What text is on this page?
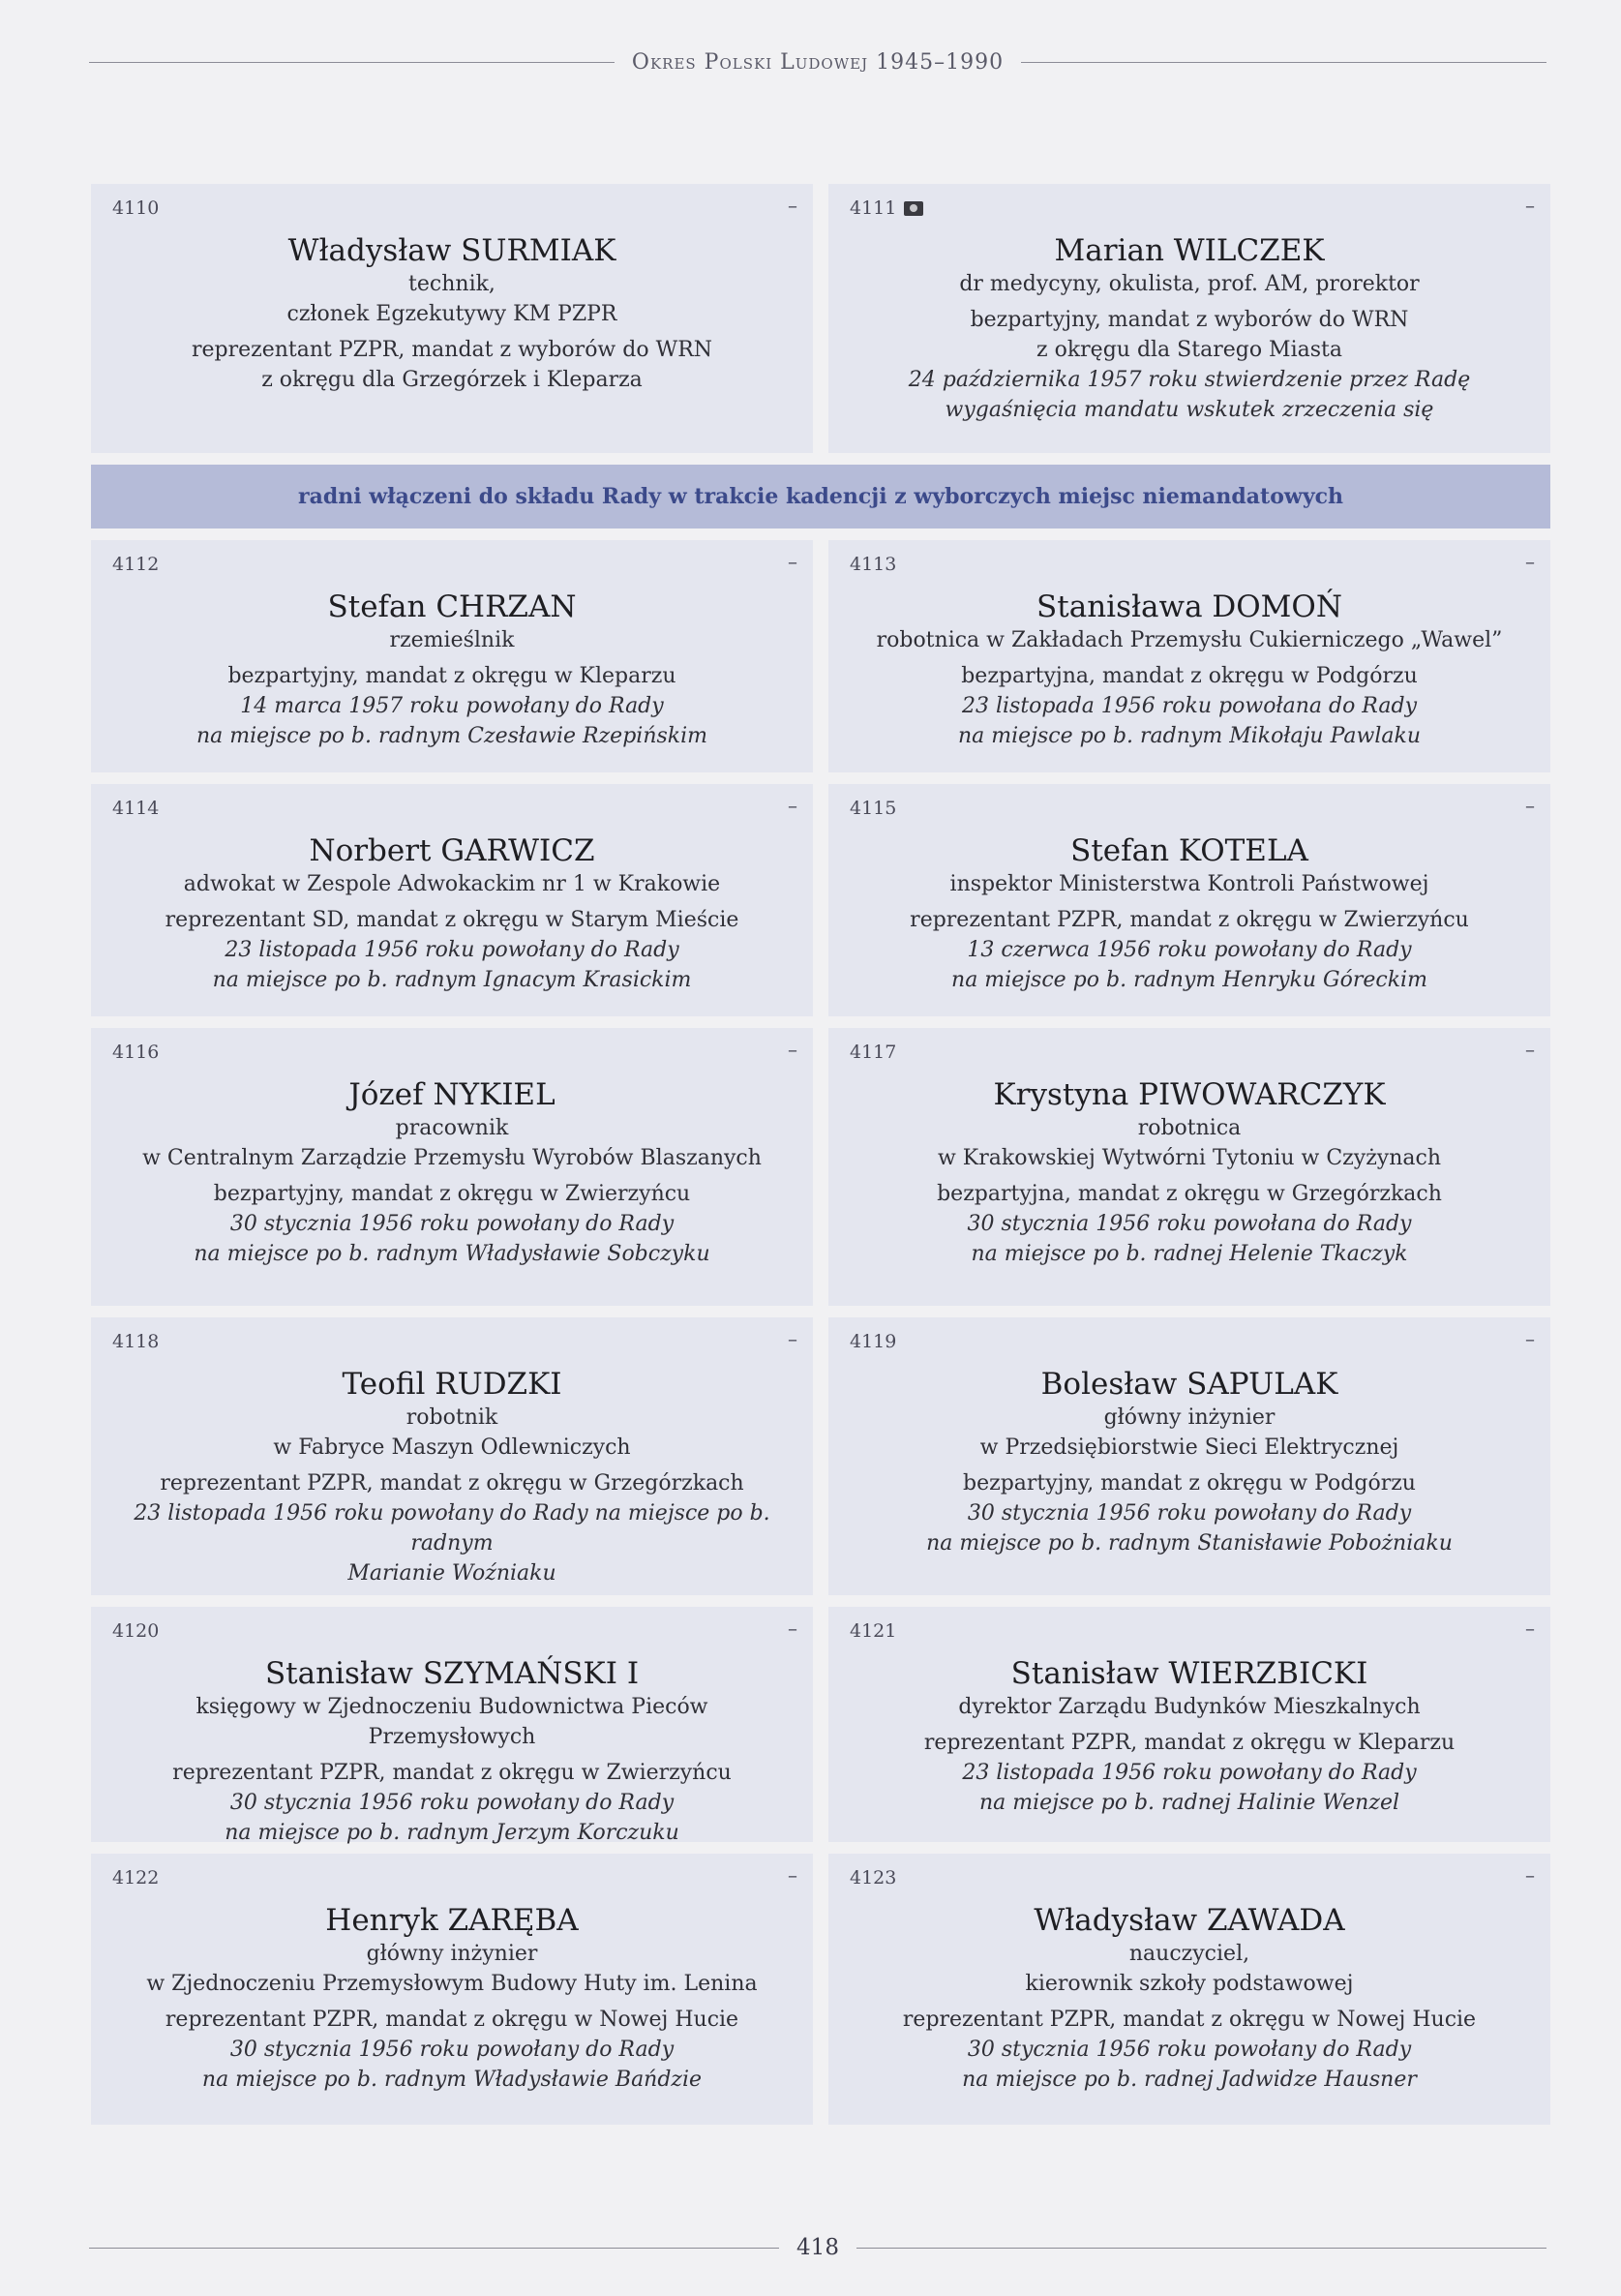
Okres Polski Ludowej 1945–1990
4110	–
Władysław SURMIAK
technik,
członek Egzekutywy KM PZPR
reprezentant PZPR, mandat z wyborów do WRN
z okręgu dla Grzegórzek i Kleparza
4111	–
Marian WILCZEK
dr medycyny, okulista, prof. AM, prorektor
bezpartyjny, mandat z wyborów do WRN
z okręgu dla Starego Miasta
24 października 1957 roku stwierdzenie przez Radę
wygaśnięcia mandatu wskutek zrzeczenia się
4112	–
Stefan CHRZAN
rzemieślnik
bezpartyjny, mandat z okręgu w Kleparzu
14 marca 1957 roku powołany do Rady
na miejsce po b. radnym Czesławie Rzepińskim
4113	–
Stanisława DOMOŃ
robotnica w Zakładach Przemysłu Cukierniczego „Wawel”
bezpartyjna, mandat z okręgu w Podgórzu
23 listopada 1956 roku powołana do Rady
na miejsce po b. radnym Mikołaju Pawlaku
4114	–
Norbert GARWICZ
adwokat w Zespole Adwokackim nr 1 w Krakowie
reprezentant SD, mandat z okręgu w Starym Mieście
23 listopada 1956 roku powołany do Rady
na miejsce po b. radnym Ignacym Krasickim
4115	–
Stefan KOTELA
inspektor Ministerstwa Kontroli Państwowej
reprezentant PZPR, mandat z okręgu w Zwierzyńcu
13 czerwca 1956 roku powołany do Rady
na miejsce po b. radnym Henryku Góreckim
4116	–
Józef NYKIEL
pracownik
w Centralnym Zarządzie Przemysłu Wyrobów Blaszanych
bezpartyjny, mandat z okręgu w Zwierzyńcu
30 stycznia 1956 roku powołany do Rady
na miejsce po b. radnym Władysławie Sobczyku
4117	–
Krystyna PIWOWARCZYK
robotnica
w Krakowskiej Wytwórni Tytoniu w Czyżynach
bezpartyjna, mandat z okręgu w Grzegórzkach
30 stycznia 1956 roku powołana do Rady
na miejsce po b. radnej Helenie Tkaczyk
4118	–
Teofil RUDZKI
robotnik
w Fabryce Maszyn Odlewniczych
reprezentant PZPR, mandat z okręgu w Grzegórzkach
23 listopada 1956 roku powołany do Rady na miejsce po b. radnym
Marianie Woźniaku
4119	–
Bolesław SAPULAK
główny inżynier
w Przedsiębiorstwie Sieci Elektrycznej
bezpartyjny, mandat z okręgu w Podgórzu
30 stycznia 1956 roku powołany do Rady
na miejsce po b. radnym Stanisławie Pobożniaku
4120	–
Stanisław SZYMAŃSKI I
księgowy w Zjednoczeniu Budownictwa Pieców Przemysłowych
reprezentant PZPR, mandat z okręgu w Zwierzyńcu
30 stycznia 1956 roku powołany do Rady
na miejsce po b. radnym Jerzym Korczuku
4121	–
Stanisław WIERZBICKI
dyrektor Zarządu Budynków Mieszkalnych
reprezentant PZPR, mandat z okręgu w Kleparzu
23 listopada 1956 roku powołany do Rady
na miejsce po b. radnej Halinie Wenzel
4122	–
Henryk ZARĘBA
główny inżynier
w Zjednoczeniu Przemysłowym Budowy Huty im. Lenina
reprezentant PZPR, mandat z okręgu w Nowej Hucie
30 stycznia 1956 roku powołany do Rady
na miejsce po b. radnym Władysławie Bańdzie
4123	–
Władysław ZAWADA
nauczyciel,
kierownik szkoły podstawowej
reprezentant PZPR, mandat z okręgu w Nowej Hucie
30 stycznia 1956 roku powołany do Rady
na miejsce po b. radnej Jadwidze Hausner
radni włączeni do składu Rady w trakcie kadencji z wyborczych miejsc niemandatowych
418
